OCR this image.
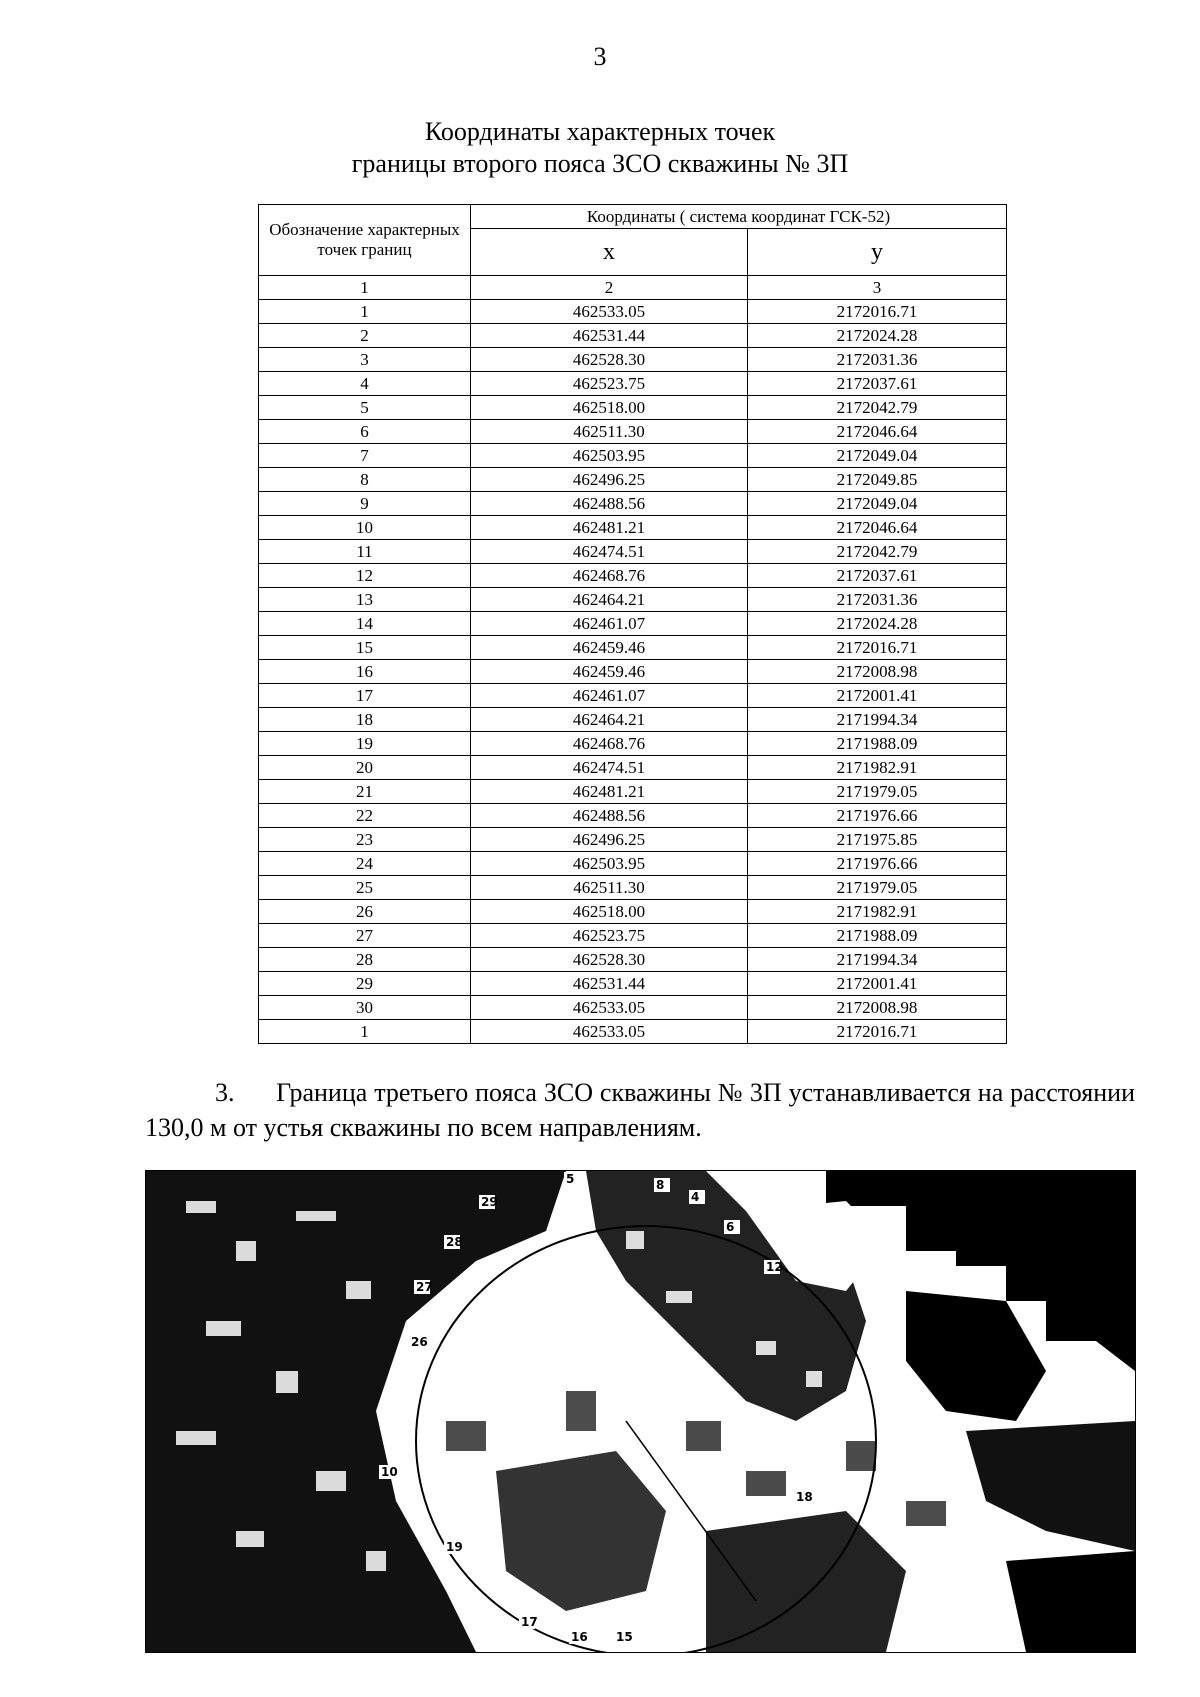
3
Координаты характерных точек
границы второго пояса ЗСО скважины № 3П
Обозначение характерных точек границ	Координаты ( система координат ГСК-52)	
	x	у
1	2	3
1	462533.05	2172016.71
2	462531.44	2172024.28
3	462528.30	2172031.36
4	462523.75	2172037.61
5	462518.00	2172042.79
6	462511.30	2172046.64
7	462503.95	2172049.04
8	462496.25	2172049.85
9	462488.56	2172049.04
10	462481.21	2172046.64
11	462474.51	2172042.79
12	462468.76	2172037.61
13	462464.21	2172031.36
14	462461.07	2172024.28
15	462459.46	2172016.71
16	462459.46	2172008.98
17	462461.07	2172001.41
18	462464.21	2171994.34
19	462468.76	2171988.09
20	462474.51	2171982.91
21	462481.21	2171979.05
22	462488.56	2171976.66
23	462496.25	2171975.85
24	462503.95	2171976.66
25	462511.30	2171979.05
26	462518.00	2171982.91
27	462523.75	2171988.09
28	462528.30	2171994.34
29	462531.44	2172001.41
30	462533.05	2172008.98
1	462533.05	2172016.71
3. Граница третьего пояса ЗСО скважины № 3П устанавливается на расстоянии 130,0 м от устья скважины по всем направлениям.
5	8
4
6
12
29
28
27
26
10
19
17
16 15
18
